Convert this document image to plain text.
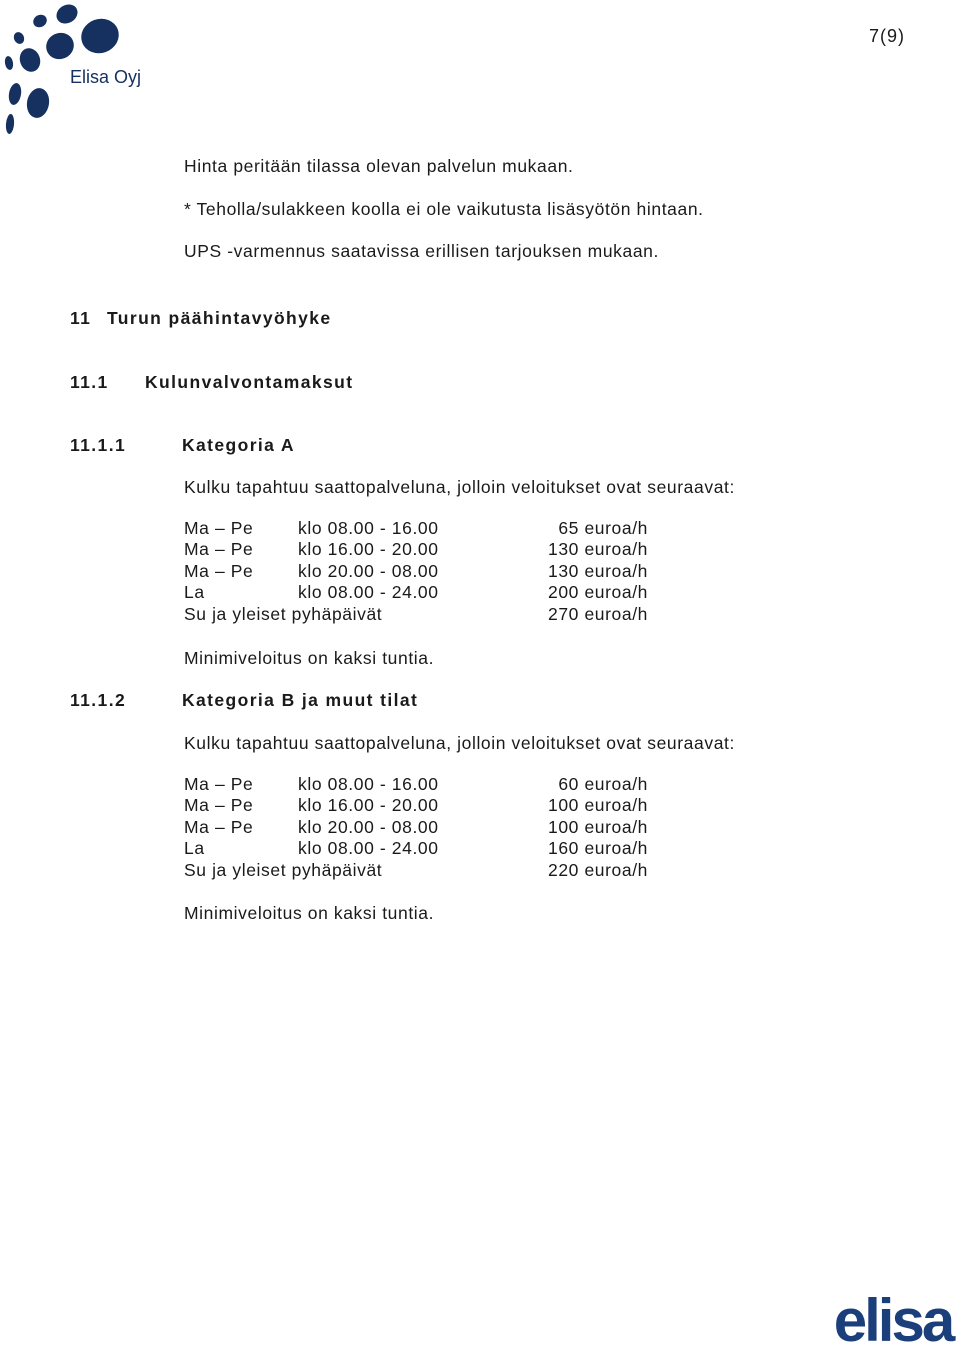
Elisa Oyj
7(9)
Hinta peritään tilassa olevan palvelun mukaan.
* Teholla/sulakkeen koolla ei ole vaikutusta lisäsyötön hintaan.
UPS -varmennus saatavissa erillisen tarjouksen mukaan.
11 Turun päähintavyöhyke
11.1 Kulunvalvontamaksut
11.1.1	Kategoria A
Kulku tapahtuu saattopalveluna, jolloin veloitukset ovat seuraavat:
Ma – Pe	klo 08.00 - 16.00	65 euroa/h
Ma – Pe	klo 16.00 - 20.00	130 euroa/h
Ma – Pe	klo 20.00 - 08.00	130 euroa/h
La	klo 08.00 - 24.00	200 euroa/h
Su ja yleiset pyhäpäivät	270 euroa/h
Minimiveloitus on kaksi tuntia.
11.1.2	Kategoria B ja muut tilat
Kulku tapahtuu saattopalveluna, jolloin veloitukset ovat seuraavat:
Ma – Pe	klo 08.00 - 16.00	60 euroa/h
Ma – Pe	klo 16.00 - 20.00	100 euroa/h
Ma – Pe	klo 20.00 - 08.00	100 euroa/h
La	klo 08.00 - 24.00	160 euroa/h
Su ja yleiset pyhäpäivät	220 euroa/h
Minimiveloitus on kaksi tuntia.
elisa
